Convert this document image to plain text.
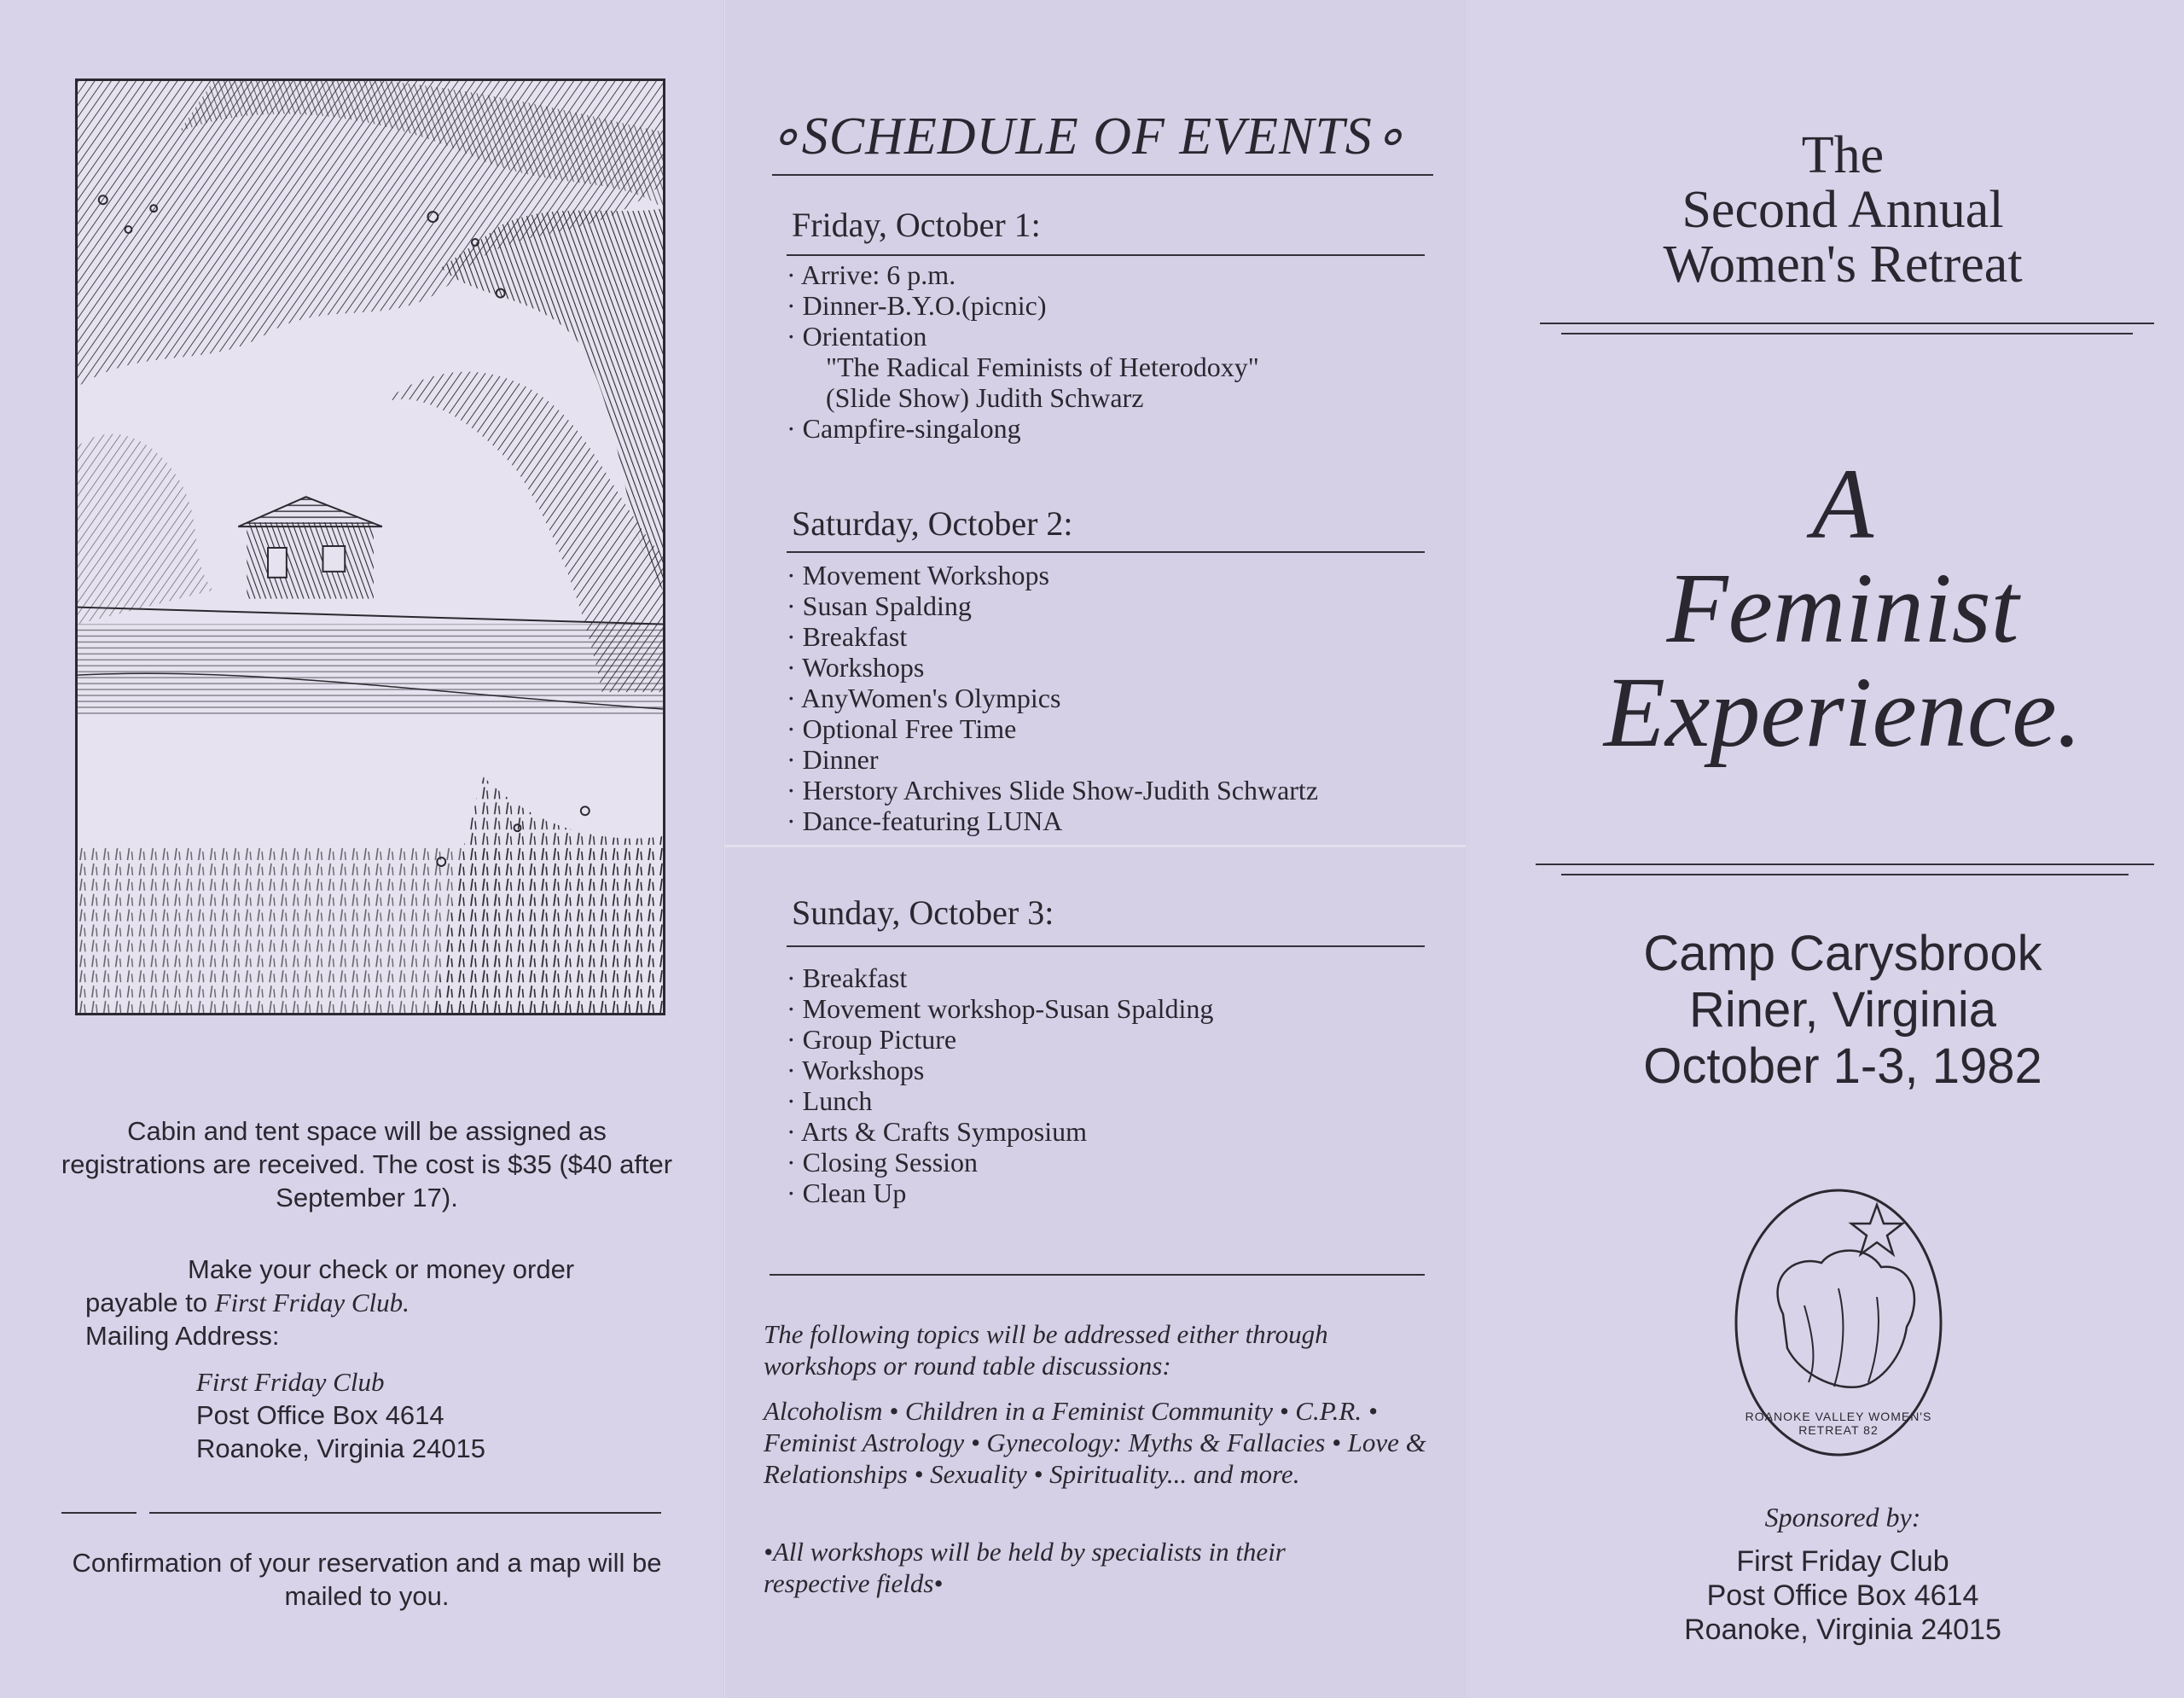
Cabin and tent space will be assigned as registrations are received. The cost is $35 ($40 after September 17).
Make your check or money order
payable to First Friday Club.
Mailing Address:
First Friday Club
Post Office Box 4614
Roanoke, Virginia 24015
Confirmation of your reservation and a map will be mailed to you.
∘SCHEDULE OF EVENTS∘
Friday, October 1:
· Arrive: 6 p.m.
· Dinner-B.Y.O.(picnic)
· Orientation
"The Radical Feminists of Heterodoxy"
(Slide Show) Judith Schwarz
· Campfire-singalong
Saturday, October 2:
· Movement Workshops
· Susan Spalding
· Breakfast
· Workshops
· AnyWomen's Olympics
· Optional Free Time
· Dinner
· Herstory Archives Slide Show-Judith Schwartz
· Dance-featuring LUNA
Sunday, October 3:
· Breakfast
· Movement workshop-Susan Spalding
· Group Picture
· Workshops
· Lunch
· Arts & Crafts Symposium
· Closing Session
· Clean Up
The following topics will be addressed either through workshops or round table discussions:
Alcoholism • Children in a Feminist Community • C.P.R. • Feminist Astrology • Gynecology: Myths & Fallacies • Love & Relationships • Sexuality • Spirituality... and more.
•All workshops will be held by specialists in their respective fields•
The
Second Annual
Women's Retreat
A
Feminist
Experience.
Camp Carysbrook
Riner, Virginia
October 1-3, 1982
ROANOKE VALLEY WOMEN'S RETREAT 82
Sponsored by:
First Friday Club
Post Office Box 4614
Roanoke, Virginia 24015
